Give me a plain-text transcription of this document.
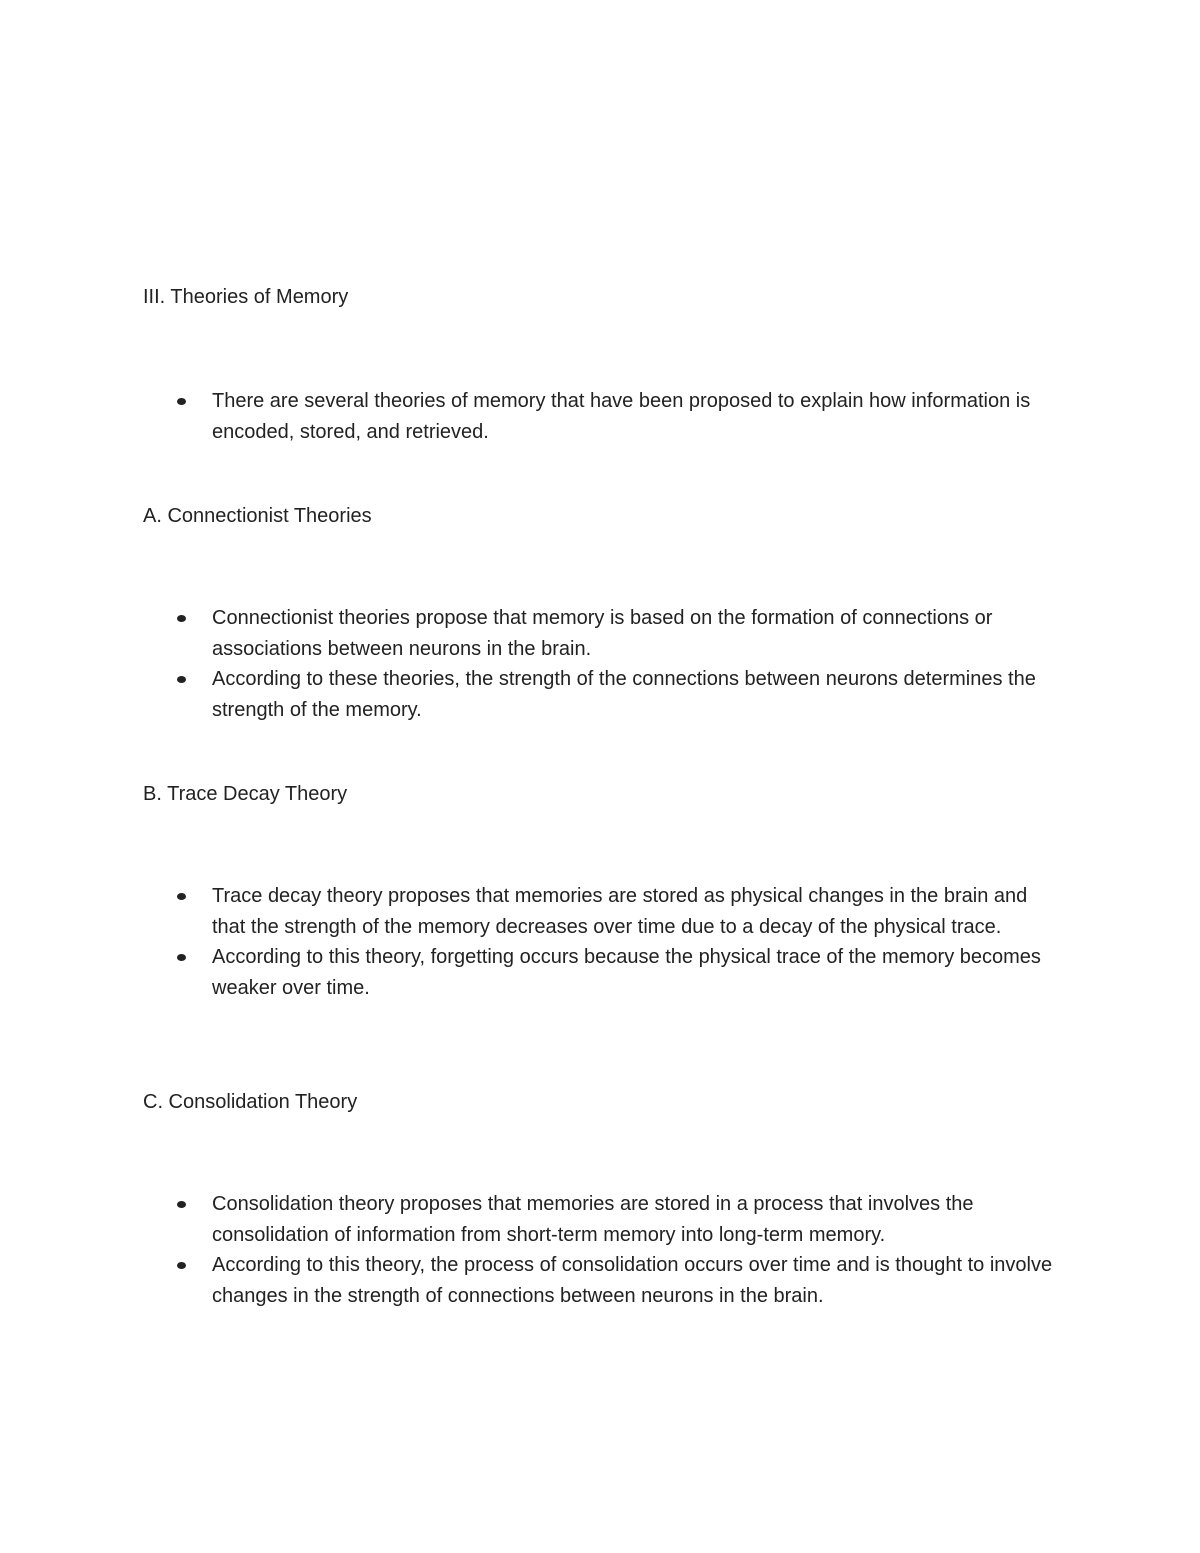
III. Theories of Memory
There are several theories of memory that have been proposed to explain how information is encoded, stored, and retrieved.
A. Connectionist Theories
Connectionist theories propose that memory is based on the formation of connections or associations between neurons in the brain.
According to these theories, the strength of the connections between neurons determines the strength of the memory.
B. Trace Decay Theory
Trace decay theory proposes that memories are stored as physical changes in the brain and that the strength of the memory decreases over time due to a decay of the physical trace.
According to this theory, forgetting occurs because the physical trace of the memory becomes weaker over time.
C. Consolidation Theory
Consolidation theory proposes that memories are stored in a process that involves the consolidation of information from short-term memory into long-term memory.
According to this theory, the process of consolidation occurs over time and is thought to involve changes in the strength of connections between neurons in the brain.
